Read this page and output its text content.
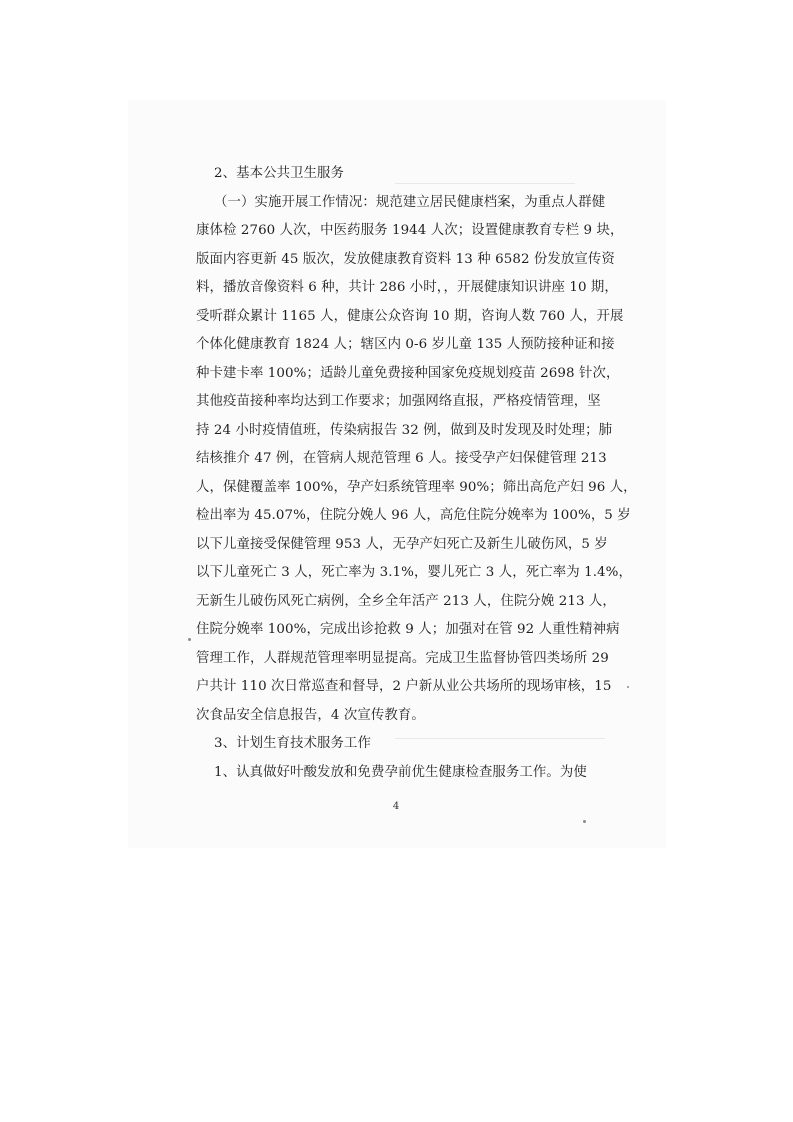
2、基本公共卫生服务
（一）实施开展工作情况：规范建立居民健康档案，为重点人群健
康体检 2760 人次，中医药服务 1944 人次；设置健康教育专栏 9 块，
版面内容更新 45 版次，发放健康教育资料 13 种 6582 份发放宣传资
料，播放音像资料 6 种，共计 286 小时，，开展健康知识讲座 10 期，
受听群众累计 1165 人，健康公众咨询 10 期，咨询人数 760 人，开展
个体化健康教育 1824 人；辖区内 0-6 岁儿童 135 人预防接种证和接
种卡建卡率 100%；适龄儿童免费接种国家免疫规划疫苗 2698 针次，
其他疫苗接种率均达到工作要求；加强网络直报，严格疫情管理，坚
持 24 小时疫情值班，传染病报告 32 例，做到及时发现及时处理；肺
结核推介 47 例，在管病人规范管理 6 人。接受孕产妇保健管理 213
人，保健覆盖率 100%，孕产妇系统管理率 90%；筛出高危产妇 96 人，
检出率为 45.07%，住院分娩人 96 人，高危住院分娩率为 100%，5 岁
以下儿童接受保健管理 953 人，无孕产妇死亡及新生儿破伤风，5 岁
以下儿童死亡 3 人，死亡率为 3.1%，婴儿死亡 3 人，死亡率为 1.4%，
无新生儿破伤风死亡病例，全乡全年活产 213 人，住院分娩 213 人，
住院分娩率 100%，完成出诊抢救 9 人；加强对在管 92 人重性精神病
管理工作，人群规范管理率明显提高。完成卫生监督协管四类场所 29
户共计 110 次日常巡查和督导，2 户新从业公共场所的现场审核，15
次食品安全信息报告，4 次宣传教育。
3、计划生育技术服务工作
1、认真做好叶酸发放和免费孕前优生健康检查服务工作。为使
4
